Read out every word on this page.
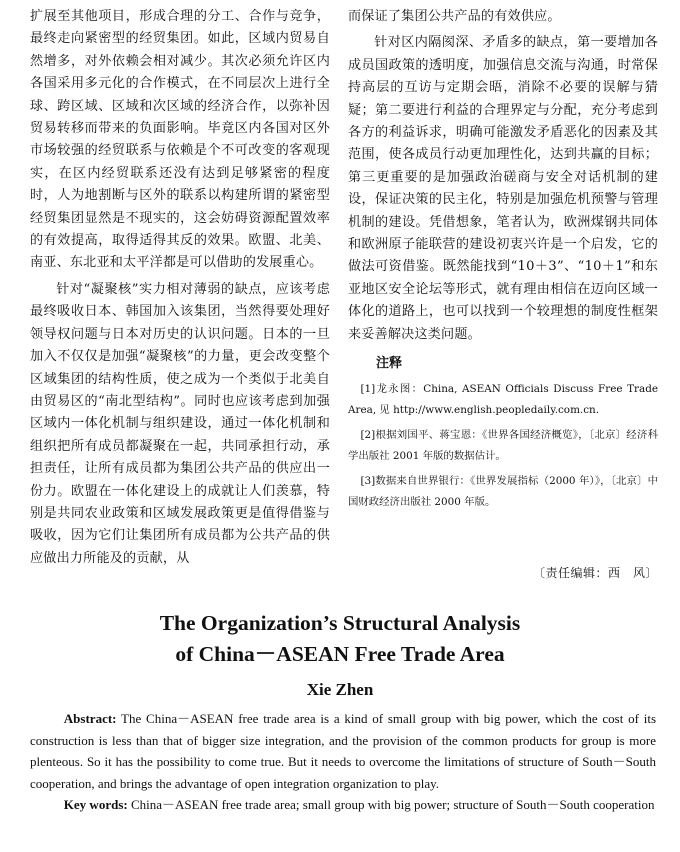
扩展至其他项目，形成合理的分工、合作与竞争，最终走向紧密型的经贸集团。如此，区域内贸易自然增多，对外依赖会相对减少。其次必须允许区内各国采用多元化的合作模式，在不同层次上进行全球、跨区域、区域和次区域的经济合作，以弥补因贸易转移而带来的负面影响。毕竟区内各国对区外市场较强的经贸联系与依赖是个不可改变的客观现实，在区内经贸联系还没有达到足够紧密的程度时，人为地割断与区外的联系以构建所谓的紧密型经贸集团显然是不现实的，这会妨碍资源配置效率的有效提高，取得适得其反的效果。欧盟、北美、南亚、东北亚和太平洋都是可以借助的发展重心。

针对“凝聚核”实力相对薄弱的缺点，应该考虑最终吸收日本、韩国加入该集团，当然得要处理好领导权问题与日本对历史的认识问题。日本的一旦加入不仅仅是加强“凝聚核”的力量，更会改变整个区域集团的结构性质，使之成为一个类似于北美自由贸易区的“南北型结构”。同时也应该考虑到加强区域内一体化机制与组织建设，通过一体化机制和组织把所有成员都凝聚在一起，共同承担行动，承担责任，让所有成员都为集团公共产品的供应出一份力。欧盟在一体化建设上的成就让人们羡慕，特别是共同农业政策和区域发展政策更是值得借鉴与吸收，因为它们让集团所有成员都为公共产品的供应做出力所能及的贡献，从

而保证了集团公共产品的有效供应。

针对区内隔阂深、矛盾多的缺点，第一要增加各成员国政策的透明度，加强信息交流与沟通，时常保持高层的互访与定期会晤，消除不必要的误解与猜疑；第二要进行利益的合理界定与分配，充分考虑到各方的利益诉求，明确可能激发矛盾恶化的因素及其范围，使各成员行动更加理性化，达到共赢的目标；第三更重要的是加强政治磋商与安全对话机制的建设，保证决策的民主化，特别是加强危机预警与管理机制的建设。凭借想象，笔者认为，欧洲煤钢共同体和欧洲原子能联营的建设初衷兴许是一个启发，它的做法可资借鉴。既然能找到“10＋3”、“10＋1”和东亚地区安全论坛等形式，就有理由相信在迈向区域一体化的道路上，也可以找到一个较理想的制度性框架来妥善解决这类问题。

注释

[1]龙永图：China, ASEAN Officials Discuss Free Trade Area, 见 http://www.english.peopledaily.com.cn.

[2]根据刘国平、蒋宝恩：《世界各国经济概览》，〔北京〕经济科学出版社 2001 年版的数据估计。

[3]数据来自世界银行：《世界发展指标（2000 年）》，〔北京〕中国财政经济出版社 2000 年版。

〔责任编辑：西　风〕

The Organization’s Structural Analysis

of China－ASEAN Free Trade Area

Xie Zhen

Abstract: The China－ASEAN free trade area is a kind of small group with big power, which the cost of its construction is less than that of bigger size integration, and the provision of the common products for group is more plenteous. So it has the possibility to come true. But it needs to overcome the limitations of structure of South－South cooperation, and brings the advantage of open integration organization to play.

Key words: China－ASEAN free trade area; small group with big power; structure of South－South cooperation
